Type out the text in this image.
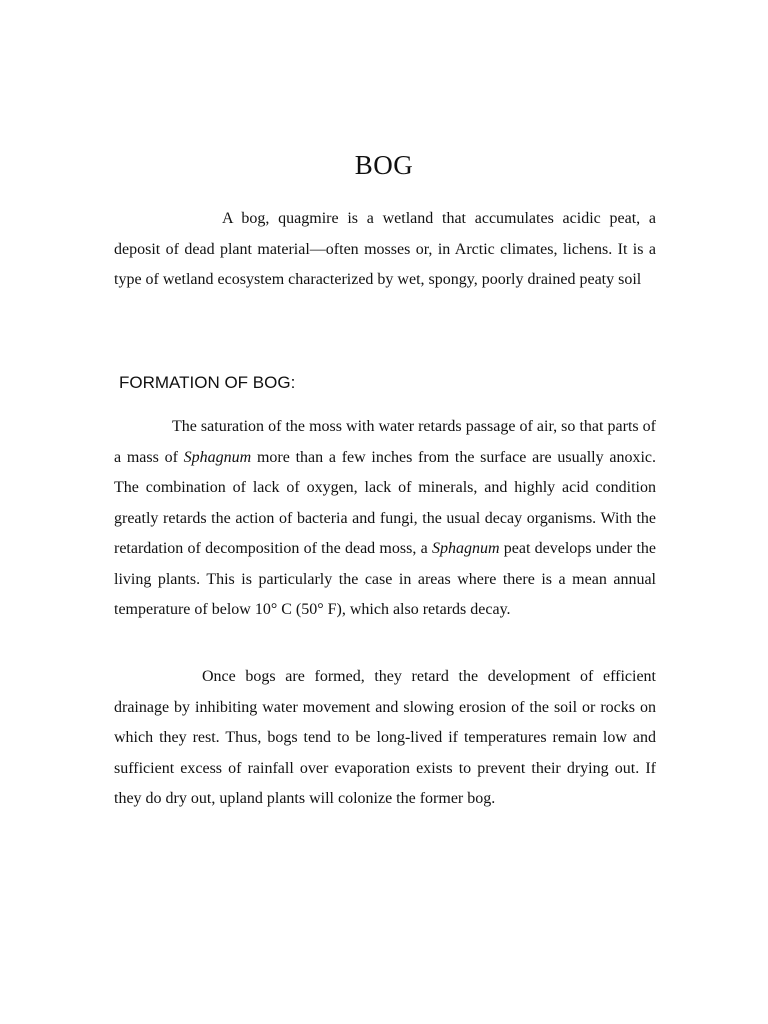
BOG

A bog, quagmire is a wetland that accumulates acidic peat, a deposit of dead plant material—often mosses or, in Arctic climates, lichens. It is a type of wetland ecosystem characterized by wet, spongy, poorly drained peaty soil

FORMATION OF BOG:

The saturation of the moss with water retards passage of air, so that parts of a mass of Sphagnum more than a few inches from the surface are usually anoxic. The combination of lack of oxygen, lack of minerals, and highly acid condition greatly retards the action of bacteria and fungi, the usual decay organisms. With the retardation of decomposition of the dead moss, a Sphagnum peat develops under the living plants. This is particularly the case in areas where there is a mean annual temperature of below 10° C (50° F), which also retards decay.

Once bogs are formed, they retard the development of efficient drainage by inhibiting water movement and slowing erosion of the soil or rocks on which they rest. Thus, bogs tend to be long-lived if temperatures remain low and sufficient excess of rainfall over evaporation exists to prevent their drying out. If they do dry out, upland plants will colonize the former bog.
